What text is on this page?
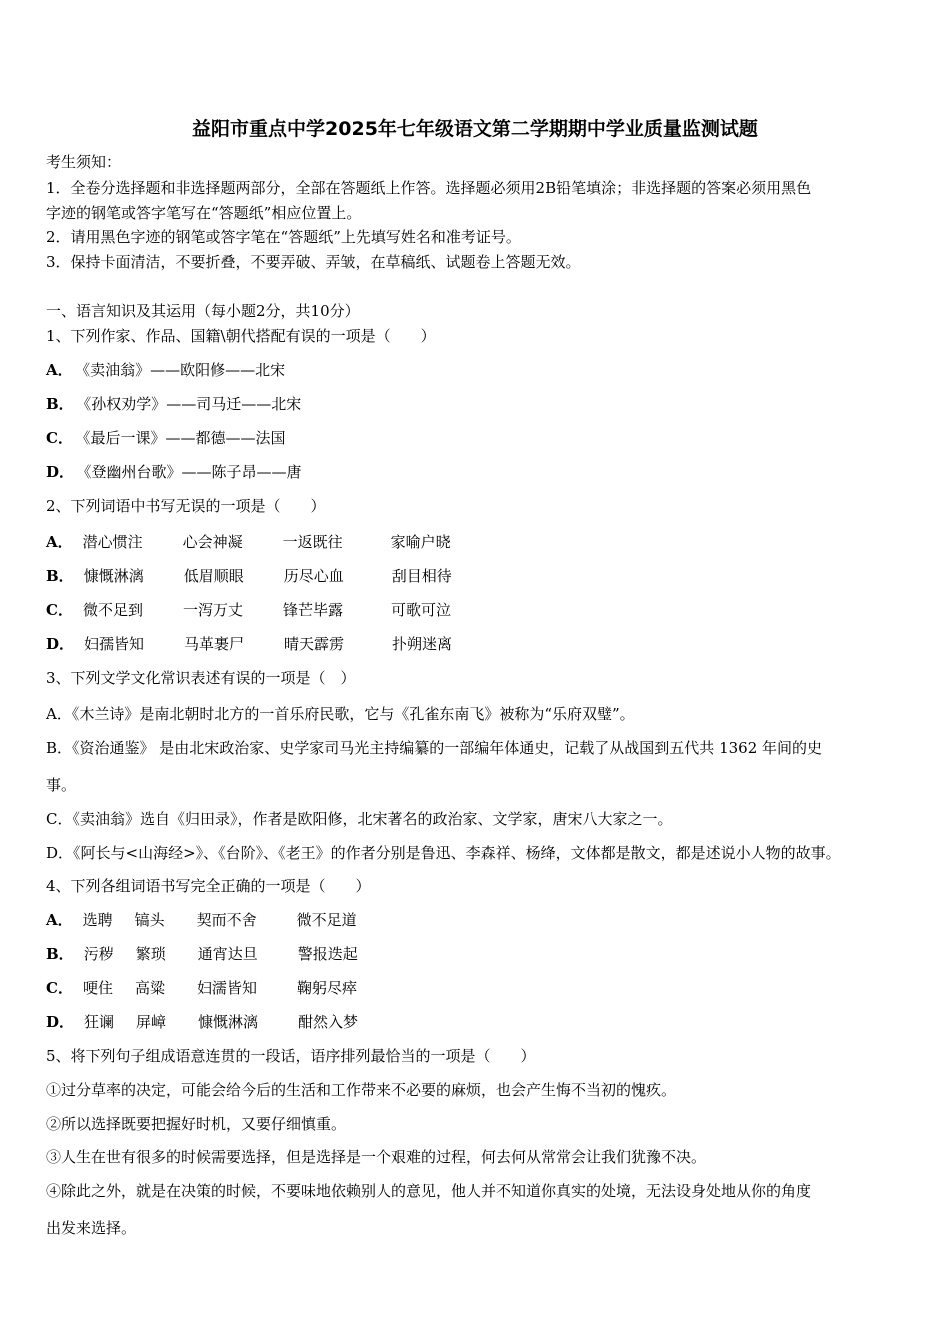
益阳市重点中学2025年七年级语文第二学期期中学业质量监测试题
考生须知：
1．全卷分选择题和非选择题两部分，全部在答题纸上作答。选择题必须用2B铅笔填涂；非选择题的答案必须用黑色
字迹的钢笔或答字笔写在“答题纸”相应位置上。
2．请用黑色字迹的钢笔或答字笔在“答题纸”上先填写姓名和准考证号。
3．保持卡面清洁，不要折叠，不要弄破、弄皱，在草稿纸、试题卷上答题无效。
一、语言知识及其运用（每小题2分，共10分）
1、下列作家、作品、国籍\朝代搭配有误的一项是（　　）
A． 《卖油翁》——欧阳修——北宋
B． 《孙权劝学》——司马迁——北宋
C． 《最后一课》——都德——法国
D． 《登幽州台歌》——陈子昂——唐
2、下列词语中书写无误的一项是（　　）
A． 潜心惯注	心会神凝	一返既往	家喻户晓
B． 慷慨淋漓	低眉顺眼	历尽心血	刮目相待
C． 微不足到	一泻万丈	锋芒毕露	可歌可泣
D． 妇孺皆知	马革裹尸	晴天霹雳	扑朔迷离
3、下列文学文化常识表述有误的一项是（　）
A．《木兰诗》是南北朝时北方的一首乐府民歌，它与《孔雀东南飞》被称为“乐府双璧”。
B．《资治通鉴》 是由北宋政治家、史学家司马光主持编纂的一部编年体通史，记载了从战国到五代共 1362 年间的史
事。
C．《卖油翁》选自《归田录》，作者是欧阳修，北宋著名的政治家、文学家，唐宋八大家之一。
D．《阿长与<山海经>》、《台阶》、《老王》的作者分别是鲁迅、李森祥、杨绛，文体都是散文，都是述说小人物的故事。
4、下列各组词语书写完全正确的一项是（　　）
A． 选聘 镐头 契而不舍	微不足道
B． 污秽 繁琐 通宵达旦	警报迭起
C． 哽住 高粱 妇濡皆知	鞠躬尽瘁
D． 狂谰 屏嶂 慷慨淋漓	酣然入梦
5、将下列句子组成语意连贯的一段话，语序排列最恰当的一项是（　　）
①过分草率的决定，可能会给今后的生活和工作带来不必要的麻烦，也会产生悔不当初的愧疚。
②所以选择既要把握好时机，又要仔细慎重。
③人生在世有很多的时候需要选择，但是选择是一个艰难的过程，何去何从常常会让我们犹豫不决。
④除此之外，就是在决策的时候，不要味地依赖别人的意见，他人并不知道你真实的处境，无法设身处地从你的角度
出发来选择。
